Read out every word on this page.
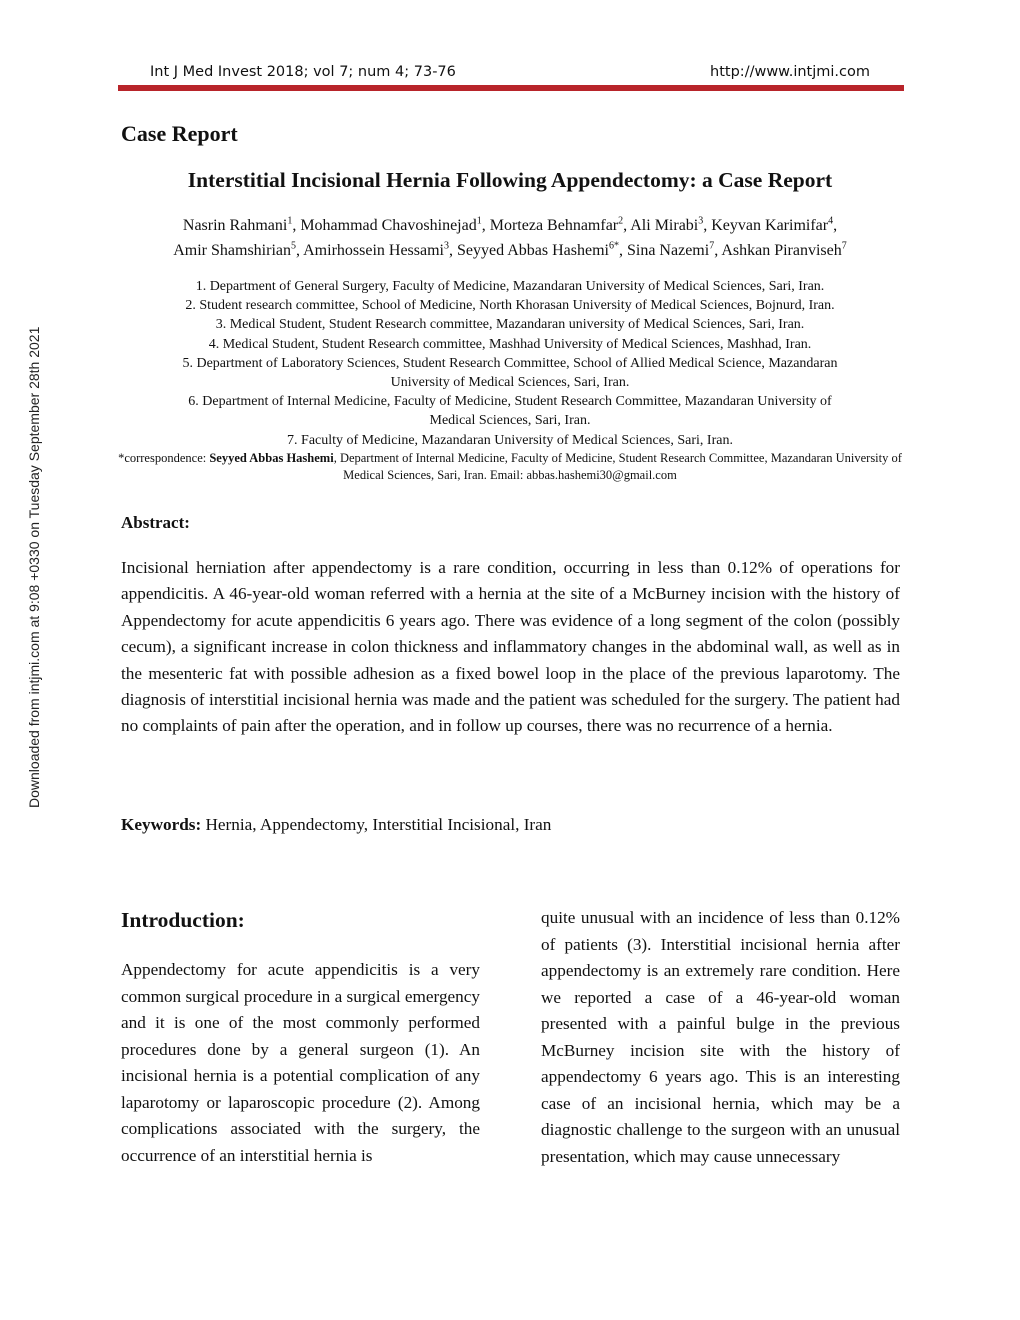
Int J Med Invest 2018; vol 7; num 4; 73-76	http://www.intjmi.com
Downloaded from intjmi.com at 9:08 +0330 on Tuesday September 28th 2021
Case Report
Interstitial Incisional Hernia Following Appendectomy: a Case Report
Nasrin Rahmani$^1$, Mohammad Chavoshinejad$^1$, Morteza Behnamfar$^2$, Ali Mirabi$^3$, Keyvan Karimifar$^4$,
Amir Shamshirian$^5$, Amirhossein Hessami$^3$, Seyyed Abbas Hashemi$^{6*}$, Sina Nazemi$^7$, Ashkan Piranviseh$^7$
1. Department of General Surgery, Faculty of Medicine, Mazandaran University of Medical Sciences, Sari, Iran.
2. Student research committee, School of Medicine, North Khorasan University of Medical Sciences, Bojnurd, Iran.
3. Medical Student, Student Research committee, Mazandaran university of Medical Sciences, Sari, Iran.
4. Medical Student, Student Research committee, Mashhad University of Medical Sciences, Mashhad, Iran.
5. Department of Laboratory Sciences, Student Research Committee, School of Allied Medical Science, Mazandaran
University of Medical Sciences, Sari, Iran.
6. Department of Internal Medicine, Faculty of Medicine, Student Research Committee, Mazandaran University of
Medical Sciences, Sari, Iran.
7. Faculty of Medicine, Mazandaran University of Medical Sciences, Sari, Iran.
*correspondence: Seyyed Abbas Hashemi, Department of Internal Medicine, Faculty of Medicine, Student Research Committee, Mazandaran University of Medical Sciences, Sari, Iran. Email: abbas.hashemi30@gmail.com
Abstract:
Incisional herniation after appendectomy is a rare condition, occurring in less than 0.12% of operations for appendicitis. A 46-year-old woman referred with a hernia at the site of a McBurney incision with the history of Appendectomy for acute appendicitis 6 years ago. There was evidence of a long segment of the colon (possibly cecum), a significant increase in colon thickness and inflammatory changes in the abdominal wall, as well as in the mesenteric fat with possible adhesion as a fixed bowel loop in the place of the previous laparotomy. The diagnosis of interstitial incisional hernia was made and the patient was scheduled for the surgery. The patient had no complaints of pain after the operation, and in follow up courses, there was no recurrence of a hernia.
Keywords: Hernia, Appendectomy, Interstitial Incisional, Iran
Introduction:
Appendectomy for acute appendicitis is a very common surgical procedure in a surgical emergency and it is one of the most commonly performed procedures done by a general surgeon (1). An incisional hernia is a potential complication of any laparotomy or laparoscopic procedure (2). Among complications associated with the surgery, the occurrence of an interstitial hernia is
quite unusual with an incidence of less than 0.12% of patients (3). Interstitial incisional hernia after appendectomy is an extremely rare condition. Here we reported a case of a 46-year-old woman presented with a painful bulge in the previous McBurney incision site with the history of appendectomy 6 years ago. This is an interesting case of an incisional hernia, which may be a diagnostic challenge to the surgeon with an unusual presentation, which may cause unnecessary
